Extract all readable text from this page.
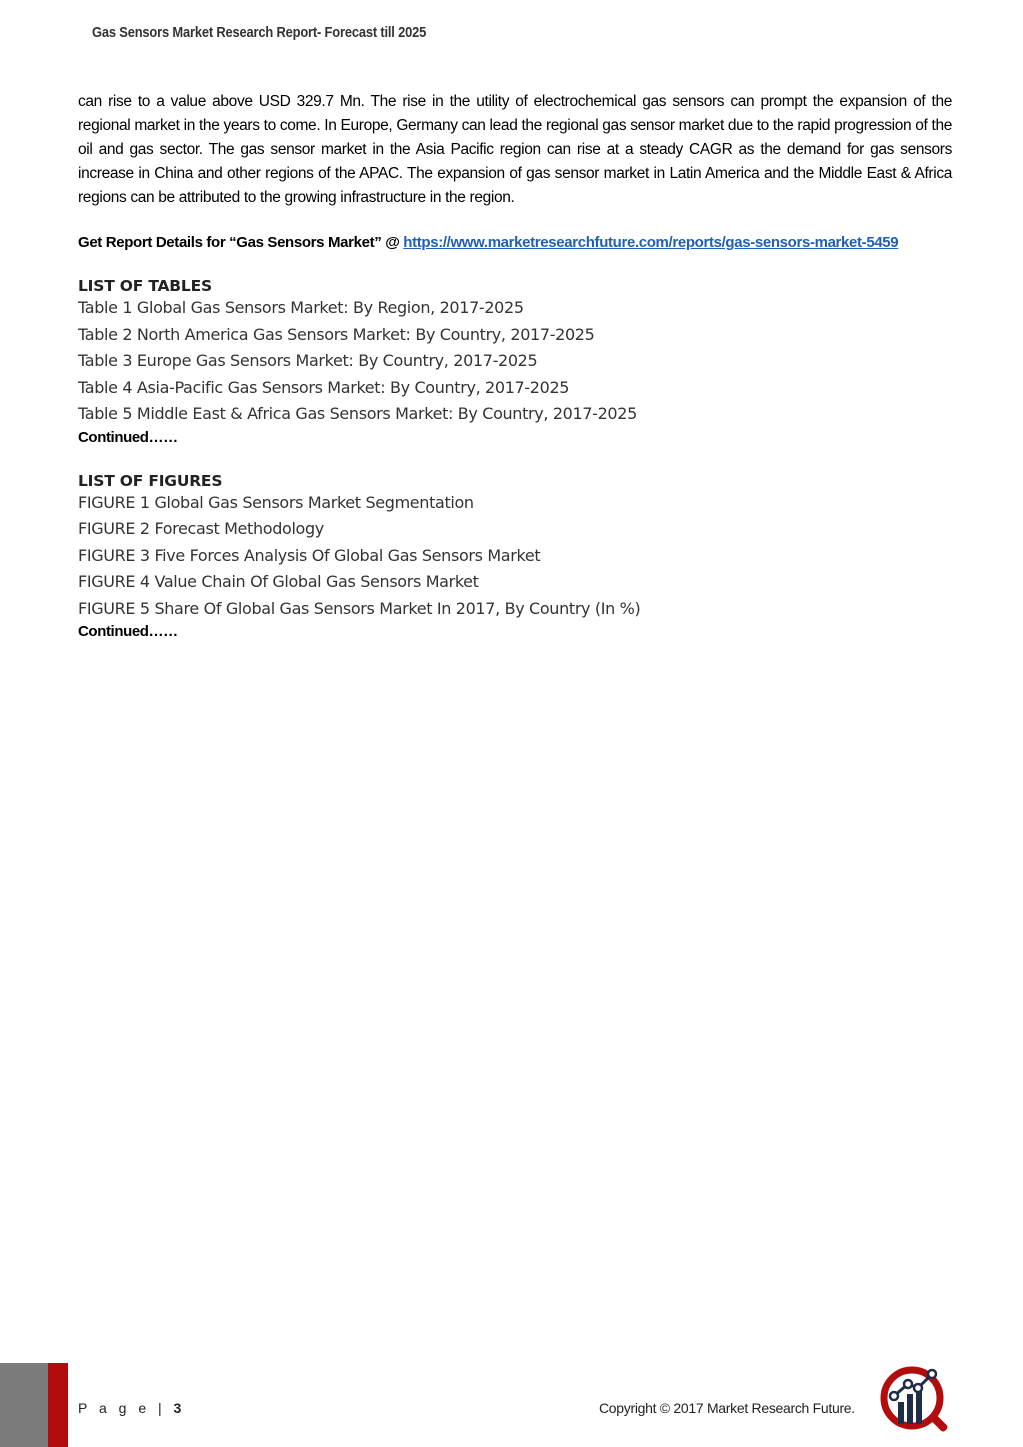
Gas Sensors Market Research Report- Forecast till 2025

can rise to a value above USD 329.7 Mn. The rise in the utility of electrochemical gas sensors can prompt the expansion of the regional market in the years to come. In Europe, Germany can lead the regional gas sensor market due to the rapid progression of the oil and gas sector. The gas sensor market in the Asia Pacific region can rise at a steady CAGR as the demand for gas sensors increase in China and other regions of the APAC. The expansion of gas sensor market in Latin America and the Middle East & Africa regions can be attributed to the growing infrastructure in the region.

Get Report Details for “Gas Sensors Market” @ https://www.marketresearchfuture.com/reports/gas-sensors-market-5459
LIST OF TABLES
Table 1 Global Gas Sensors Market: By Region, 2017-2025
Table 2 North America Gas Sensors Market: By Country, 2017-2025
Table 3 Europe Gas Sensors Market: By Country, 2017-2025
Table 4 Asia-Pacific Gas Sensors Market: By Country, 2017-2025
Table 5 Middle East & Africa Gas Sensors Market: By Country, 2017-2025
Continued……
LIST OF FIGURES
FIGURE 1 Global Gas Sensors Market Segmentation
FIGURE 2 Forecast Methodology
FIGURE 3 Five Forces Analysis Of Global Gas Sensors Market
FIGURE 4 Value Chain Of Global Gas Sensors Market
FIGURE 5 Share Of Global Gas Sensors Market In 2017, By Country (In %)
Continued……
P a g e | 3	Copyright © 2017 Market Research Future.
